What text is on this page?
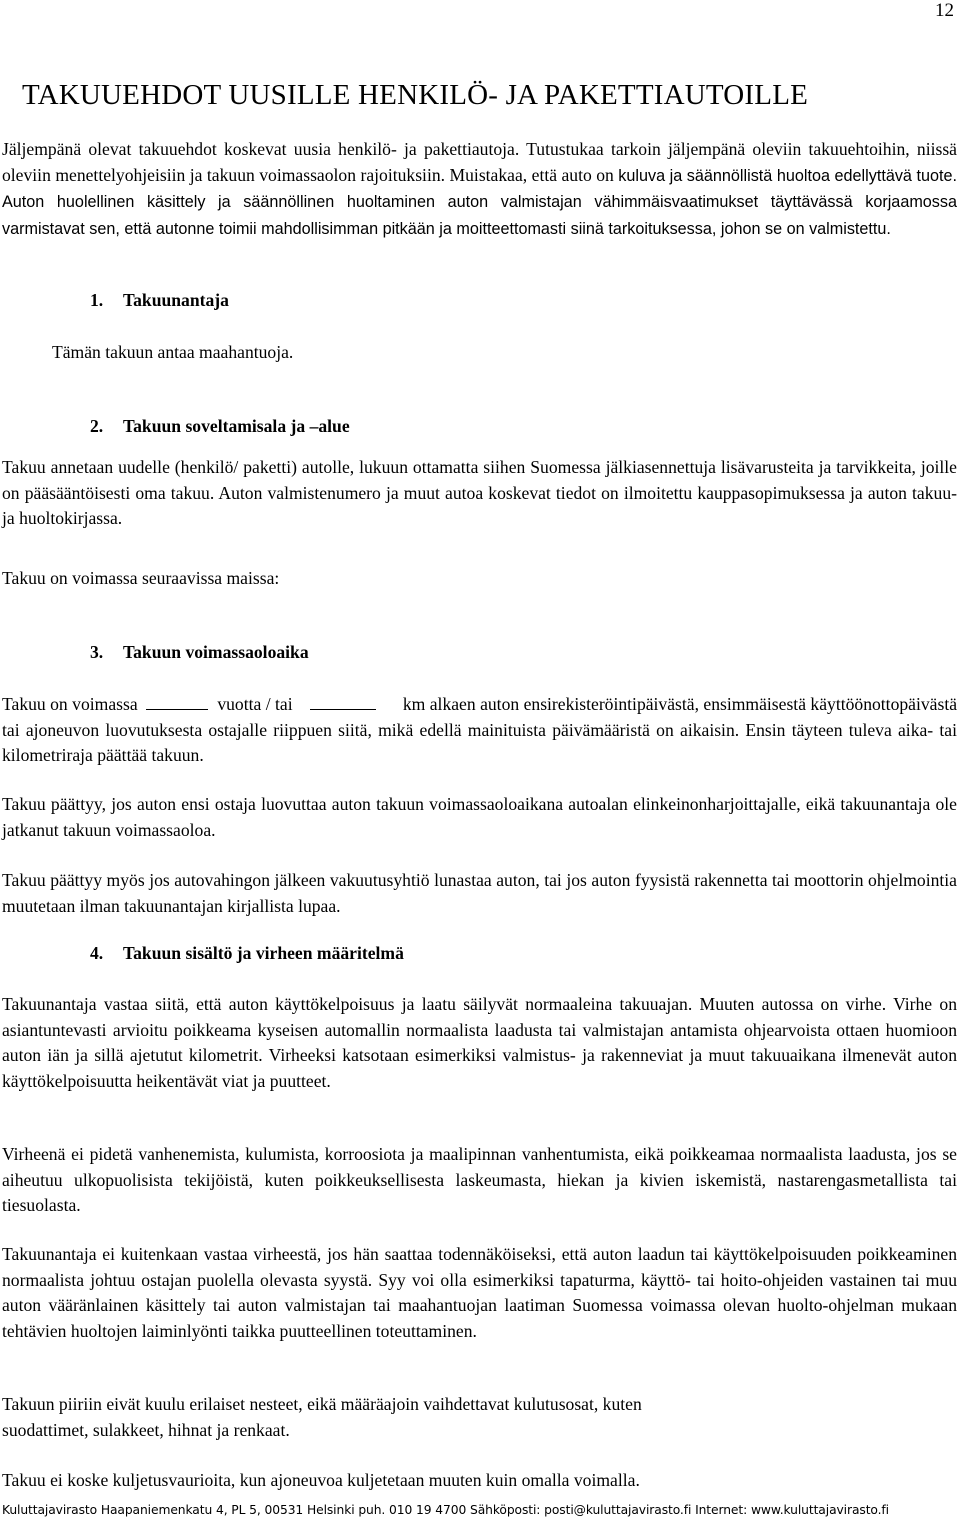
12
TAKUUEHDOT UUSILLE HENKILÖ- JA PAKETTIAUTOILLE
Jäljempänä olevat takuuehdot koskevat uusia henkilö- ja pakettiautoja. Tutustukaa tarkoin jäljempänä oleviin takuuehtoihin, niissä oleviin menettelyohjeisiin ja takuun voimassaolon rajoituksiin. Muistakaa, että auto on kuluva ja säännöllistä huoltoa edellyttävä tuote. Auton huolellinen käsittely ja säännöllinen huoltaminen auton valmistajan vähimmäisvaatimukset täyttävässä korjaamossa varmistavat sen, että autonne toimii mahdollisimman pitkään ja moitteettomasti siinä tarkoituksessa, johon se on valmistettu.
1. Takuunantaja
Tämän takuun antaa maahantuoja.
2. Takuun soveltamisala ja –alue
Takuu annetaan uudelle (henkilö/ paketti) autolle, lukuun ottamatta siihen Suomessa jälkiasennettuja lisävarusteita ja tarvikkeita, joille on pääsääntöisesti oma takuu. Auton valmistenumero ja muut autoa koskevat tiedot on ilmoitettu kauppasopimuksessa ja auton takuu- ja huoltokirjassa.
Takuu on voimassa seuraavissa maissa:
3. Takuun voimassaoloaika
Takuu on voimassa	vuotta / tai	km alkaen auton ensirekisteröintipäivästä, ensimmäisestä käyttöönottopäivästä tai ajoneuvon luovutuksesta ostajalle riippuen siitä, mikä edellä mainituista päivämääristä on aikaisin. Ensin täyteen tuleva aika- tai kilometriraja päättää takuun.
Takuu päättyy, jos auton ensi ostaja luovuttaa auton takuun voimassaoloaikana autoalan elinkeinonharjoittajalle, eikä takuunantaja ole jatkanut takuun voimassaoloa.
Takuu päättyy myös jos autovahingon jälkeen vakuutusyhtiö lunastaa auton, tai jos auton fyysistä rakennetta tai moottorin ohjelmointia muutetaan ilman takuunantajan kirjallista lupaa.
4. Takuun sisältö ja virheen määritelmä
Takuunantaja vastaa siitä, että auton käyttökelpoisuus ja laatu säilyvät normaaleina takuuajan. Muuten autossa on virhe. Virhe on asiantuntevasti arvioitu poikkeama kyseisen automallin normaalista laadusta tai valmistajan antamista ohjearvoista ottaen huomioon auton iän ja sillä ajetutut kilometrit. Virheeksi katsotaan esimerkiksi valmistus- ja rakenneviat ja muut takuuaikana ilmenevät auton käyttökelpoisuutta heikentävät viat ja puutteet.
Virheenä ei pidetä vanhenemista, kulumista, korroosiota ja maalipinnan vanhentumista, eikä poikkeamaa normaalista laadusta, jos se aiheutuu ulkopuolisista tekijöistä, kuten poikkeuksellisesta laskeumasta, hiekan ja kivien iskemistä, nastarengasmetallista tai tiesuolasta.
Takuunantaja ei kuitenkaan vastaa virheestä, jos hän saattaa todennäköiseksi, että auton laadun tai käyttökelpoisuuden poikkeaminen normaalista johtuu ostajan puolella olevasta syystä. Syy voi olla esimerkiksi tapaturma, käyttö- tai hoito-ohjeiden vastainen tai muu auton vääränlainen käsittely tai auton valmistajan tai maahantuojan laatiman Suomessa voimassa olevan huolto-ohjelman mukaan tehtävien huoltojen laiminlyönti taikka puutteellinen toteuttaminen.
Takuun piiriin eivät kuulu erilaiset nesteet, eikä määräajoin vaihdettavat kulutusosat, kuten
suodattimet, sulakkeet, hihnat ja renkaat.
Takuu ei koske kuljetusvaurioita, kun ajoneuvoa kuljetetaan muuten kuin omalla voimalla.
Kuluttajavirasto Haapaniemenkatu 4, PL 5, 00531 Helsinki puh. 010 19 4700 Sähköposti: posti@kuluttajavirasto.fi Internet: www.kuluttajavirasto.fi
